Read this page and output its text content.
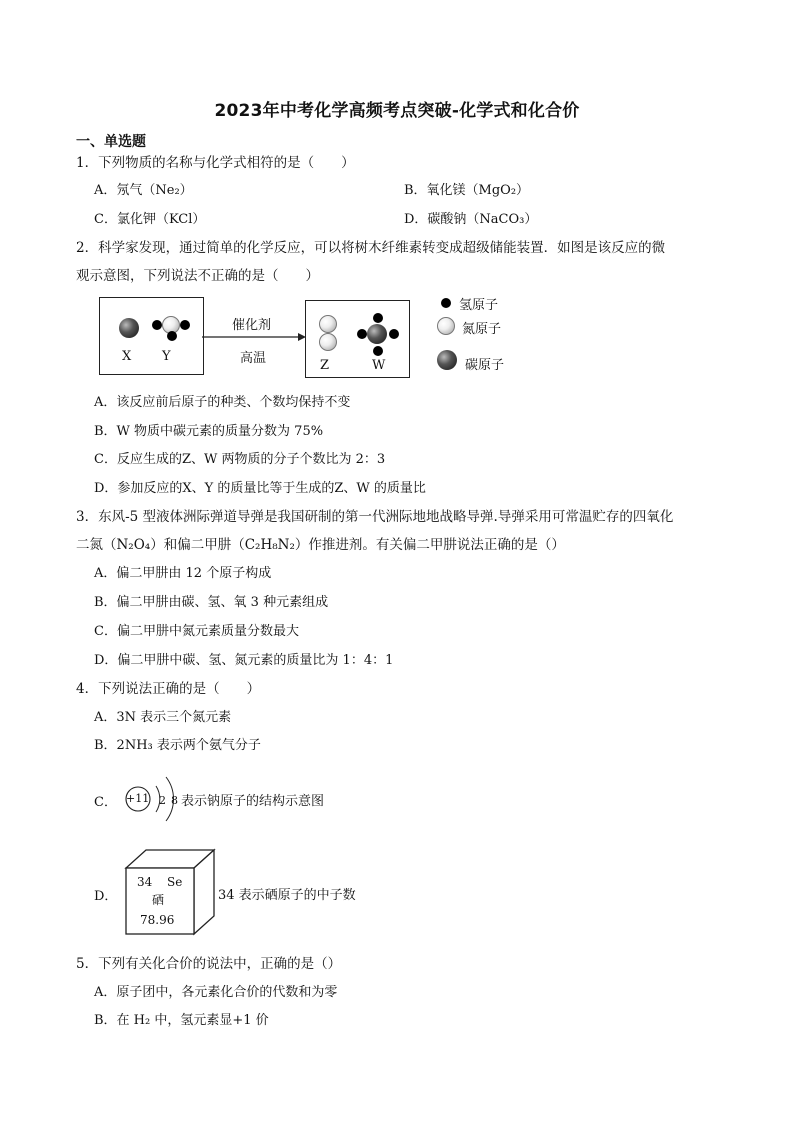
2023年中考化学高频考点突破-化学式和化合价
一、单选题
1．下列物质的名称与化学式相符的是（　　）
A．氖气（Ne₂）	B．氧化镁（MgO₂）
C．氯化钾（KCl）	D．碳酸钠（NaCO₃）
2．科学家发现，通过简单的化学反应，可以将树木纤维素转变成超级储能装置．如图是该反应的微
观示意图，下列说法不正确的是（　　）
X Y
催化剂
高温	Z	W
氢原子
氮原子
碳原子
A．该反应前后原子的种类、个数均保持不变
B．W 物质中碳元素的质量分数为 75%
C．反应生成的Z、W 两物质的分子个数比为 2：3
D．参加反应的X、Y 的质量比等于生成的Z、W 的质量比
3．东风-5 型液体洲际弹道导弹是我国研制的第一代洲际地地战略导弹.导弹采用可常温贮存的四氧化
二氮（N₂O₄）和偏二甲肼（C₂H₈N₂）作推进剂。有关偏二甲肼说法正确的是（）
A．偏二甲肼由 12 个原子构成
B．偏二甲肼由碳、氢、氧 3 种元素组成
C．偏二甲肼中氮元素质量分数最大
D．偏二甲肼中碳、氢、氮元素的质量比为 1：4：1
4．下列说法正确的是（　　）
A．3N 表示三个氮元素
B．2NH₃ 表示两个氨气分子
C． +11 2 8 表示钠原子的结构示意图
D．
34 Se
硒
78.96
34 表示硒原子的中子数
5．下列有关化合价的说法中，正确的是（）
A．原子团中，各元素化合价的代数和为零
B．在 H₂ 中，氢元素显+1 价
